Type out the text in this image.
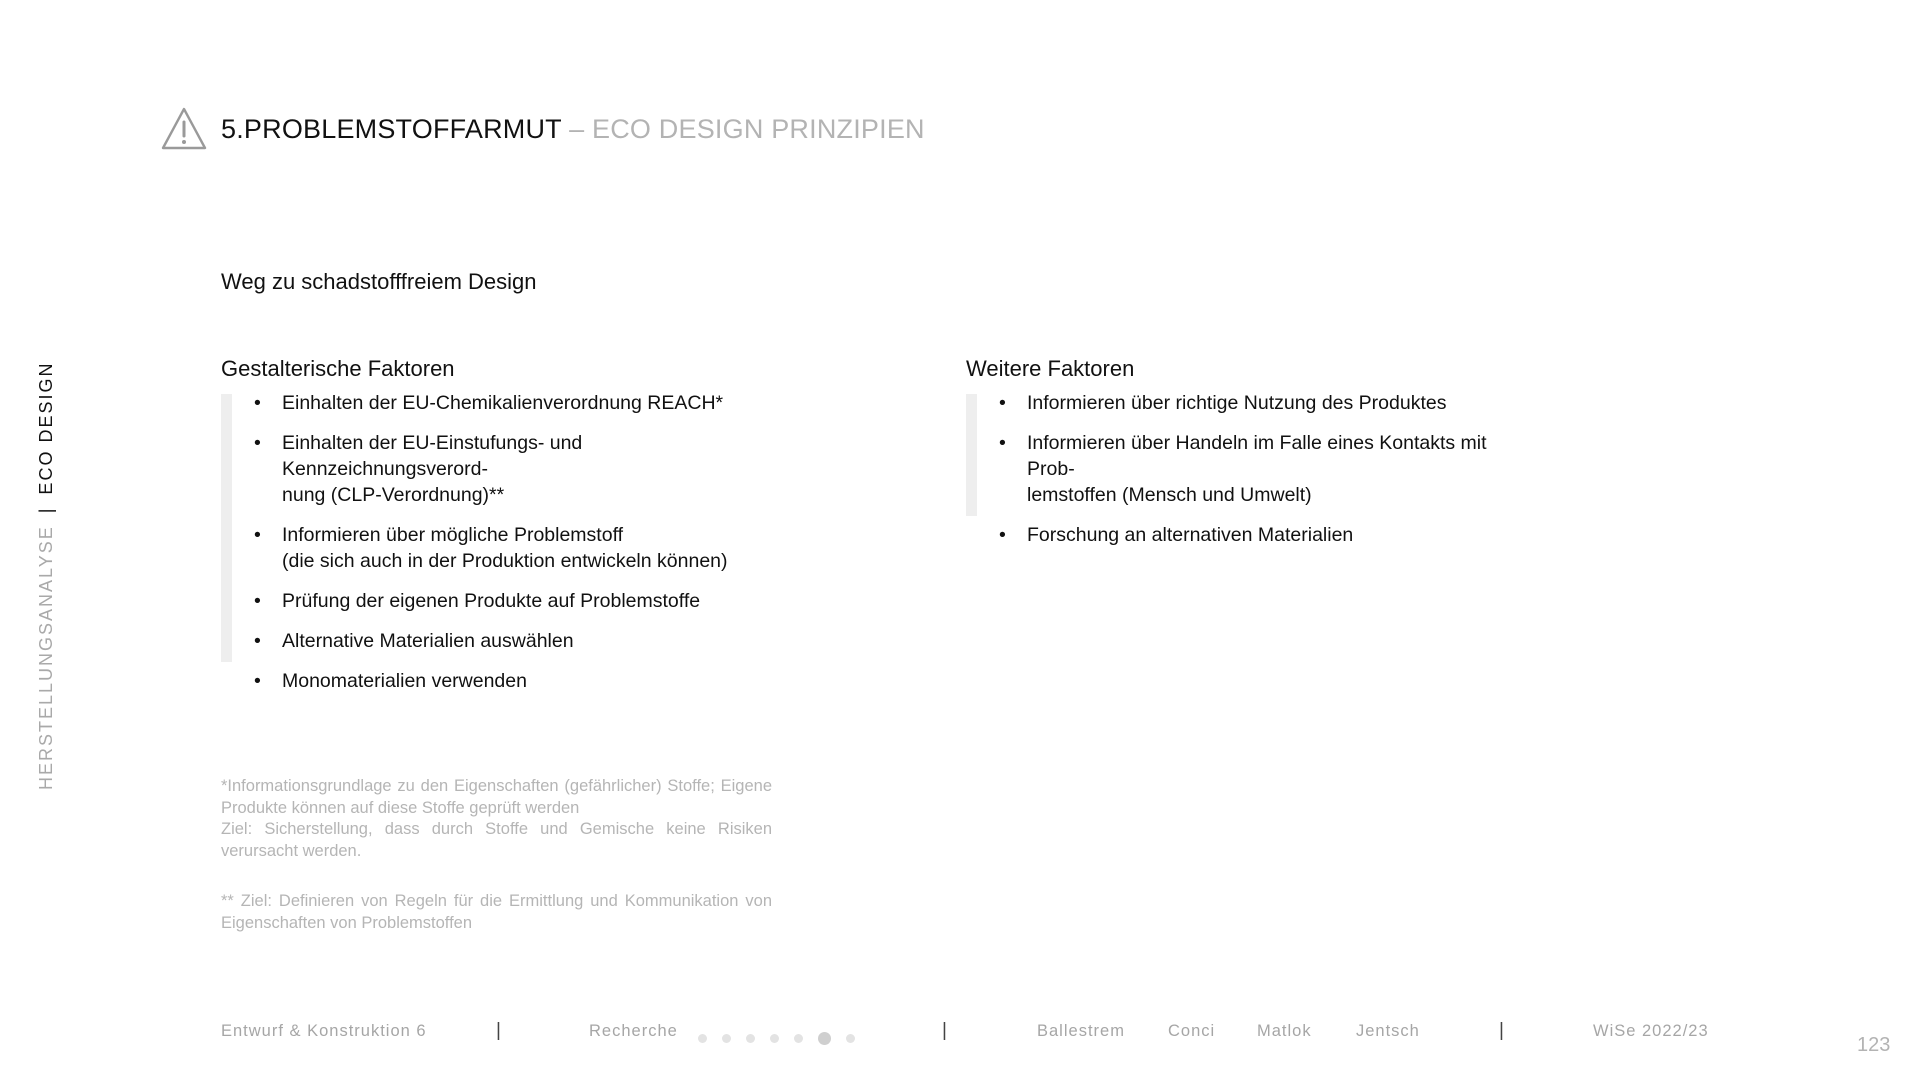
5.PROBLEMSTOFFARMUT – ECO DESIGN PRINZIPIEN
HERSTELLUNGSANALYSE|ECO DESIGN
Weg zu schadstofffreiem Design
Gestalterische Faktoren	Weitere Faktoren
• Einhalten der EU-Chemikalienverordnung REACH*
• Einhalten der EU-Einstufungs- und Kennzeichnungsverord-
nung (CLP-Verordnung)**
• Informieren über mögliche Problemstoff
(die sich auch in der Produktion entwickeln können)
• Prüfung der eigenen Produkte auf Problemstoffe
• Alternative Materialien auswählen
• Monomaterialien verwenden
• Informieren über richtige Nutzung des Produktes
• Informieren über Handeln im Falle eines Kontakts mit Prob-
lemstoffen (Mensch und Umwelt)
• Forschung an alternativen Materialien
*Informationsgrundlage zu den Eigenschaften (gefährlicher) Stoffe; Eigene Produkte können auf diese Stoffe geprüft werden
Ziel: Sicherstellung, dass durch Stoffe und Gemische keine Risiken verursacht werden.
** Ziel: Definieren von Regeln für die Ermittlung und Kommunikation von Eigenschaften von Problemstoffen
Entwurf & Konstruktion 6	|	Recherche	|	Ballestrem	Conci	Matlok	Jentsch	|	WiSe 2022/23
123
